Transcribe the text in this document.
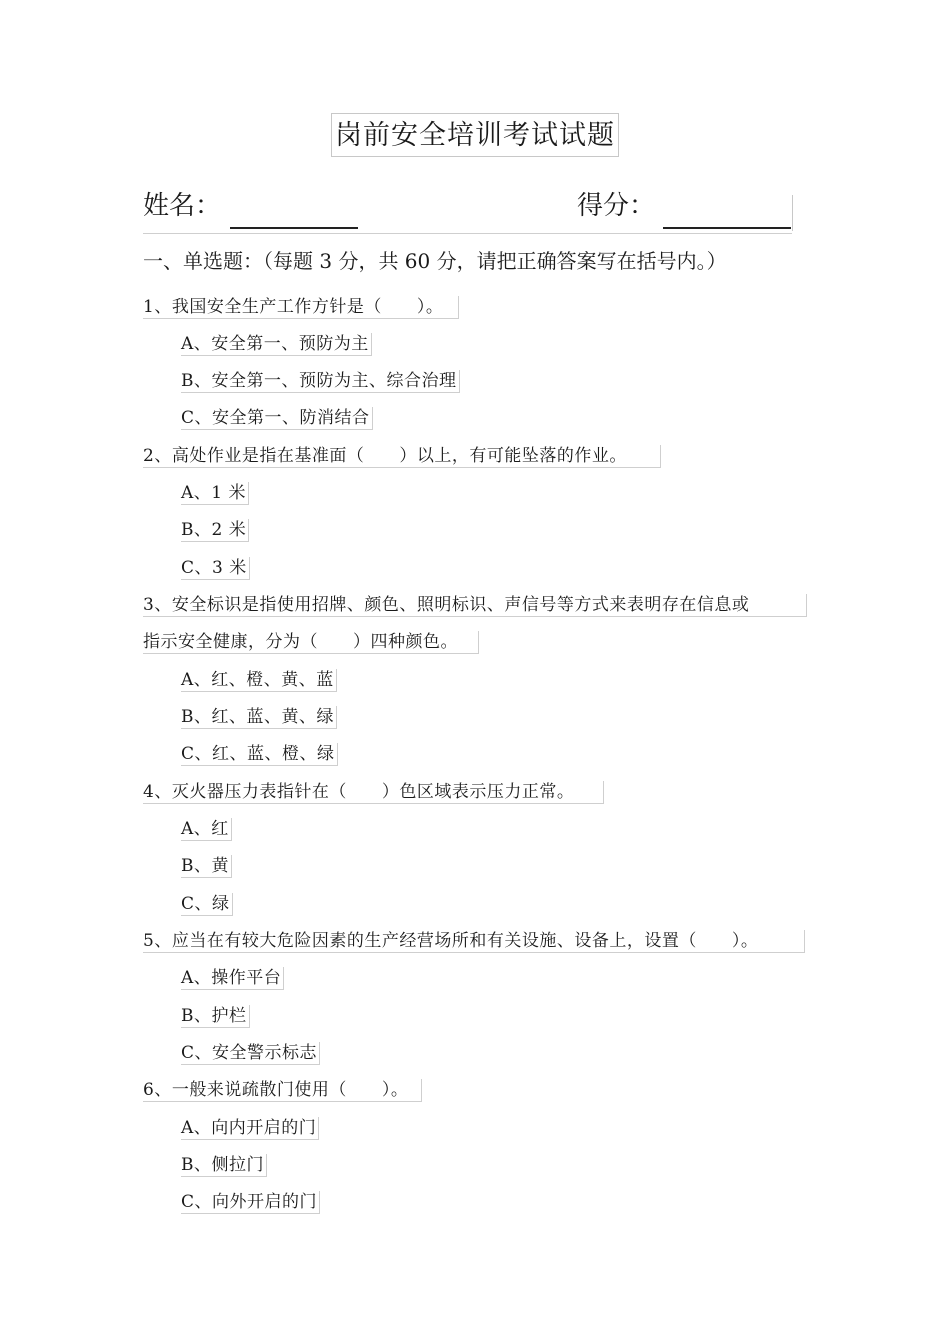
岗前安全培训考试试题
姓名：	得分：
一、单选题：（每题 3 分，共 60 分，请把正确答案写在括号内。）
1、我国安全生产工作方针是（　　）。
A、安全第一、预防为主
B、安全第一、预防为主、综合治理
C、安全第一、防消结合
2、高处作业是指在基准面（　　）以上，有可能坠落的作业。
A、1 米
B、2 米
C、3 米
3、安全标识是指使用招牌、颜色、照明标识、声信号等方式来表明存在信息或
指示安全健康，分为（　　）四种颜色。
A、红、橙、黄、蓝
B、红、蓝、黄、绿
C、红、蓝、橙、绿
4、灭火器压力表指针在（　　）色区域表示压力正常。
A、红
B、黄
C、绿
5、应当在有较大危险因素的生产经营场所和有关设施、设备上，设置（　　）。
A、操作平台
B、护栏
C、安全警示标志
6、一般来说疏散门使用（　　）。
A、向内开启的门
B、侧拉门
C、向外开启的门
